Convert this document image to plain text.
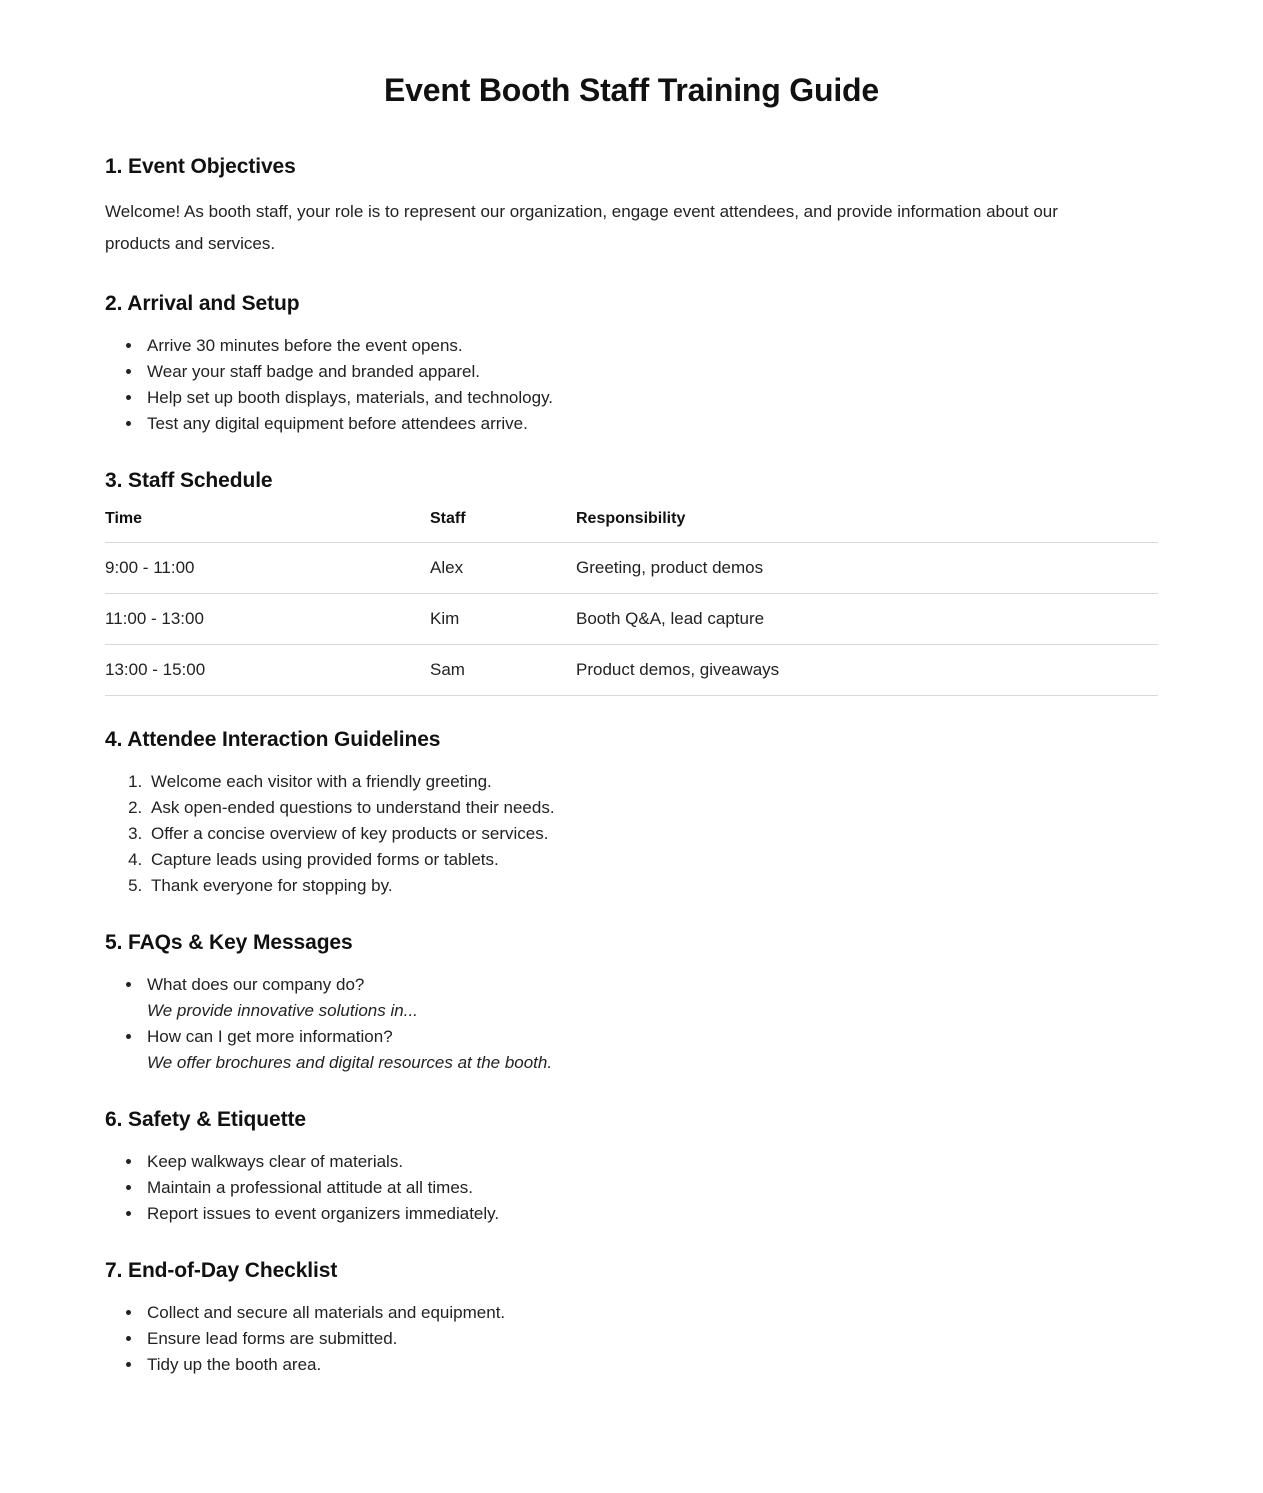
Event Booth Staff Training Guide
1. Event Objectives

Welcome! As booth staff, your role is to represent our organization, engage event attendees, and provide information about our products and services.

2. Arrival and Setup
• Arrive 30 minutes before the event opens.
• Wear your staff badge and branded apparel.
• Help set up booth displays, materials, and technology.
• Test any digital equipment before attendees arrive.
3. Staff Schedule
Time	Staff	Responsibility
9:00 - 11:00	Alex	Greeting, product demos
11:00 - 13:00	Kim	Booth Q&A, lead capture
13:00 - 15:00	Sam	Product demos, giveaways
4. Attendee Interaction Guidelines
1. Welcome each visitor with a friendly greeting.
2. Ask open-ended questions to understand their needs.
3. Offer a concise overview of key products or services.
4. Capture leads using provided forms or tablets.
5. Thank everyone for stopping by.
5. FAQs & Key Messages
• What does our company do?
We provide innovative solutions in...
• How can I get more information?
We offer brochures and digital resources at the booth.
6. Safety & Etiquette
• Keep walkways clear of materials.
• Maintain a professional attitude at all times.
• Report issues to event organizers immediately.
7. End-of-Day Checklist
• Collect and secure all materials and equipment.
• Ensure lead forms are submitted.
• Tidy up the booth area.
